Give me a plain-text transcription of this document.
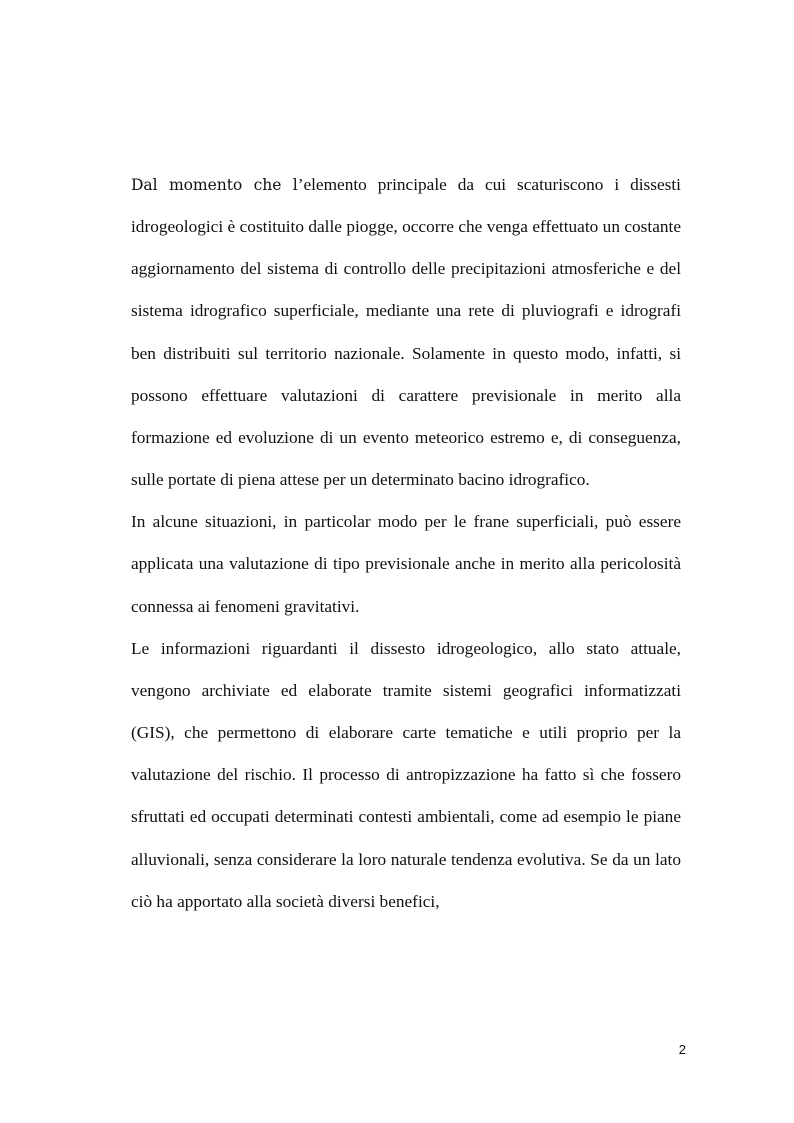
Dal momento che l’elemento principale da cui scaturiscono i dissesti idrogeologici è costituito dalle piogge, occorre che venga effettuato un costante aggiornamento del sistema di controllo delle precipitazioni atmosferiche e del sistema idrografico superficiale, mediante una rete di pluviografi e idrografi ben distribuiti sul territorio nazionale. Solamente in questo modo, infatti, si possono effettuare valutazioni di carattere previsionale in merito alla formazione ed evoluzione di un evento meteorico estremo e, di conseguenza, sulle portate di piena attese per un determinato bacino idrografico.

In alcune situazioni, in particolar modo per le frane superficiali, può essere applicata una valutazione di tipo previsionale anche in merito alla pericolosità connessa ai fenomeni gravitativi.

Le informazioni riguardanti il dissesto idrogeologico, allo stato attuale, vengono archiviate ed elaborate tramite sistemi geografici informatizzati (GIS), che permettono di elaborare carte tematiche e utili proprio per la valutazione del rischio. Il processo di antropizzazione ha fatto sì che fossero sfruttati ed occupati determinati contesti ambientali, come ad esempio le piane alluvionali, senza considerare la loro naturale tendenza evolutiva. Se da un lato ciò ha apportato alla società diversi benefici,

2
